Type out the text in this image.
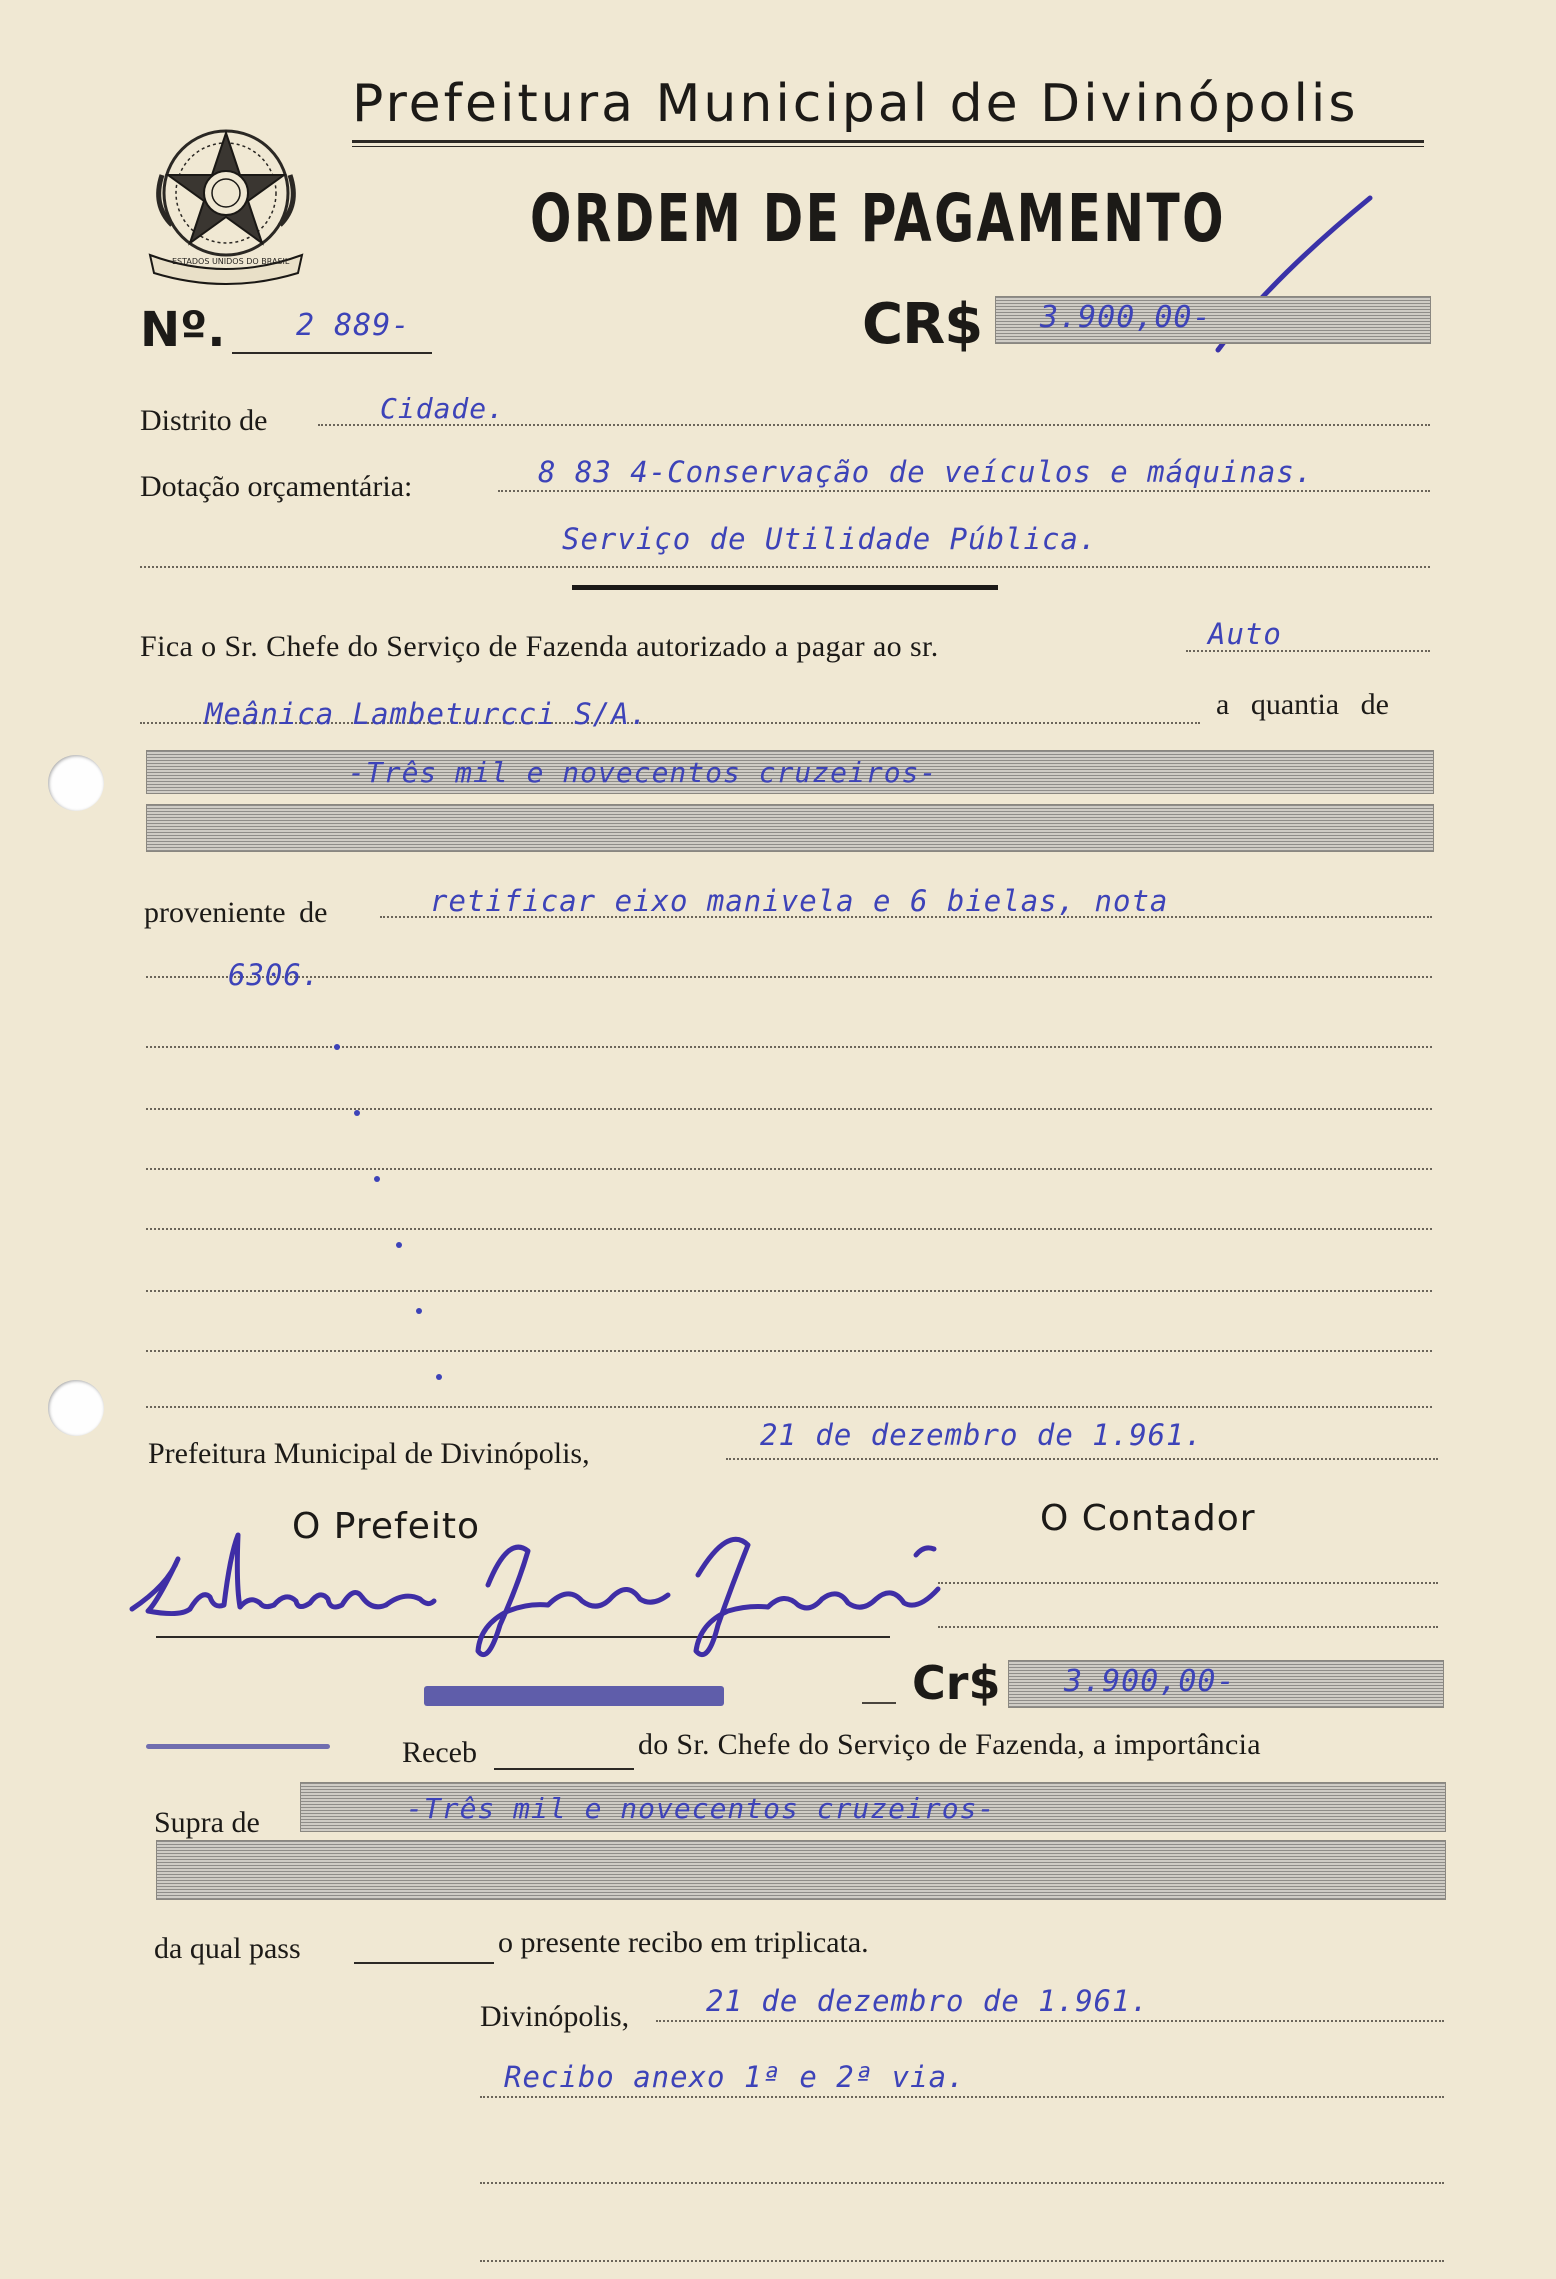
ESTADOS UNIDOS DO BRASIL
Prefeitura Municipal de Divinópolis
ORDEM DE PAGAMENTO
Nº. 2 889-	CR$ 3.900,00-
Distrito de	Cidade.
Dotação orçamentária:	8 83 4-Conservação de veículos e máquinas.
Serviço de Utilidade Pública.
Fica o Sr. Chefe do Serviço de Fazenda autorizado a pagar ao sr.	Auto
Meânica Lambeturcci S/A.	a quantia de
-Três mil e novecentos cruzeiros-
proveniente de	retificar eixo manivela e 6 bielas, nota
6306.
Prefeitura Municipal de Divinópolis,
21 de dezembro de 1.961.
O Prefeito	O Contador
Cr$ 3.900,00-
Receb	do Sr. Chefe do Serviço de Fazenda, a importância
Supra de	-Três mil e novecentos cruzeiros-
da qual pass	o presente recibo em triplicata.
Divinópolis,	21 de dezembro de 1.961.
Recibo anexo 1ª e 2ª via.
